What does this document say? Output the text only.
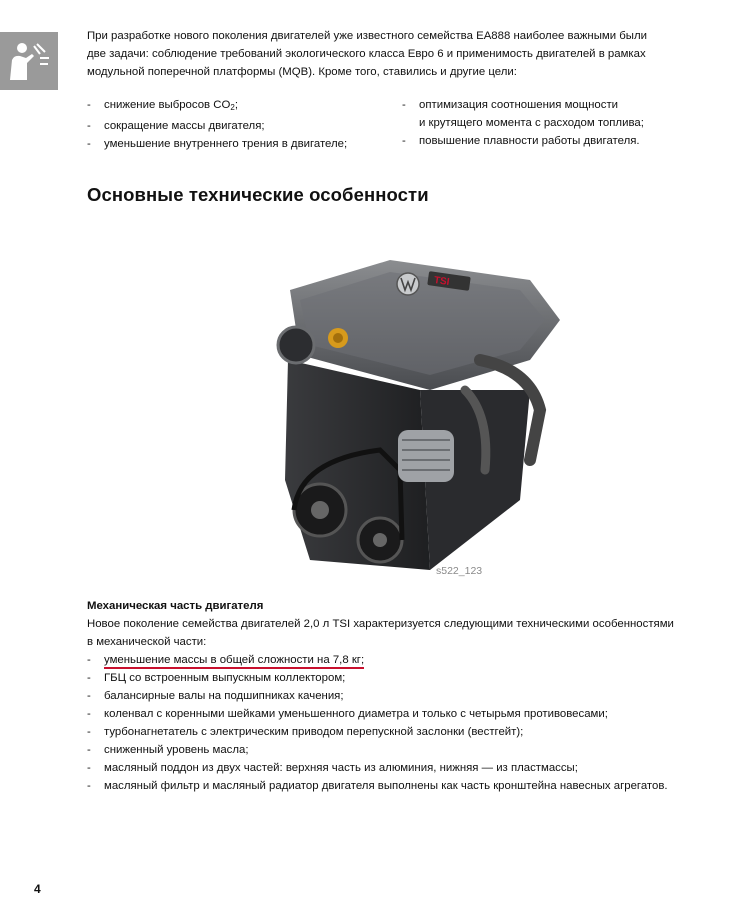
При разработке нового поколения двигателей уже известного семейства EA888 наиболее важными были
две задачи: соблюдение требований экологического класса Евро 6 и применимость двигателей в рамках
модульной поперечной платформы (MQB). Кроме того, ставились и другие цели:
- снижение выбросов $CO_2$;
- сокращение массы двигателя;
- уменьшение внутреннего трения в двигателе;
- оптимизация соотношения мощности
и крутящего момента с расходом топлива;
- повышение плавности работы двигателя.
Основные технические особенности
TSI
s522_123
Механическая часть двигателя
Новое поколение семейства двигателей 2,0 л TSI характеризуется следующими техническими особенностями
в механической части:
- уменьшение массы в общей сложности на 7,8 кг;
- ГБЦ со встроенным выпускным коллектором;
- балансирные валы на подшипниках качения;
- коленвал с коренными шейками уменьшенного диаметра и только с четырьмя противовесами;
- турбонагнетатель с электрическим приводом перепускной заслонки (вестгейт);
- сниженный уровень масла;
- масляный поддон из двух частей: верхняя часть из алюминия, нижняя — из пластмассы;
- масляный фильтр и масляный радиатор двигателя выполнены как часть кронштейна навесных агрегатов.
4
